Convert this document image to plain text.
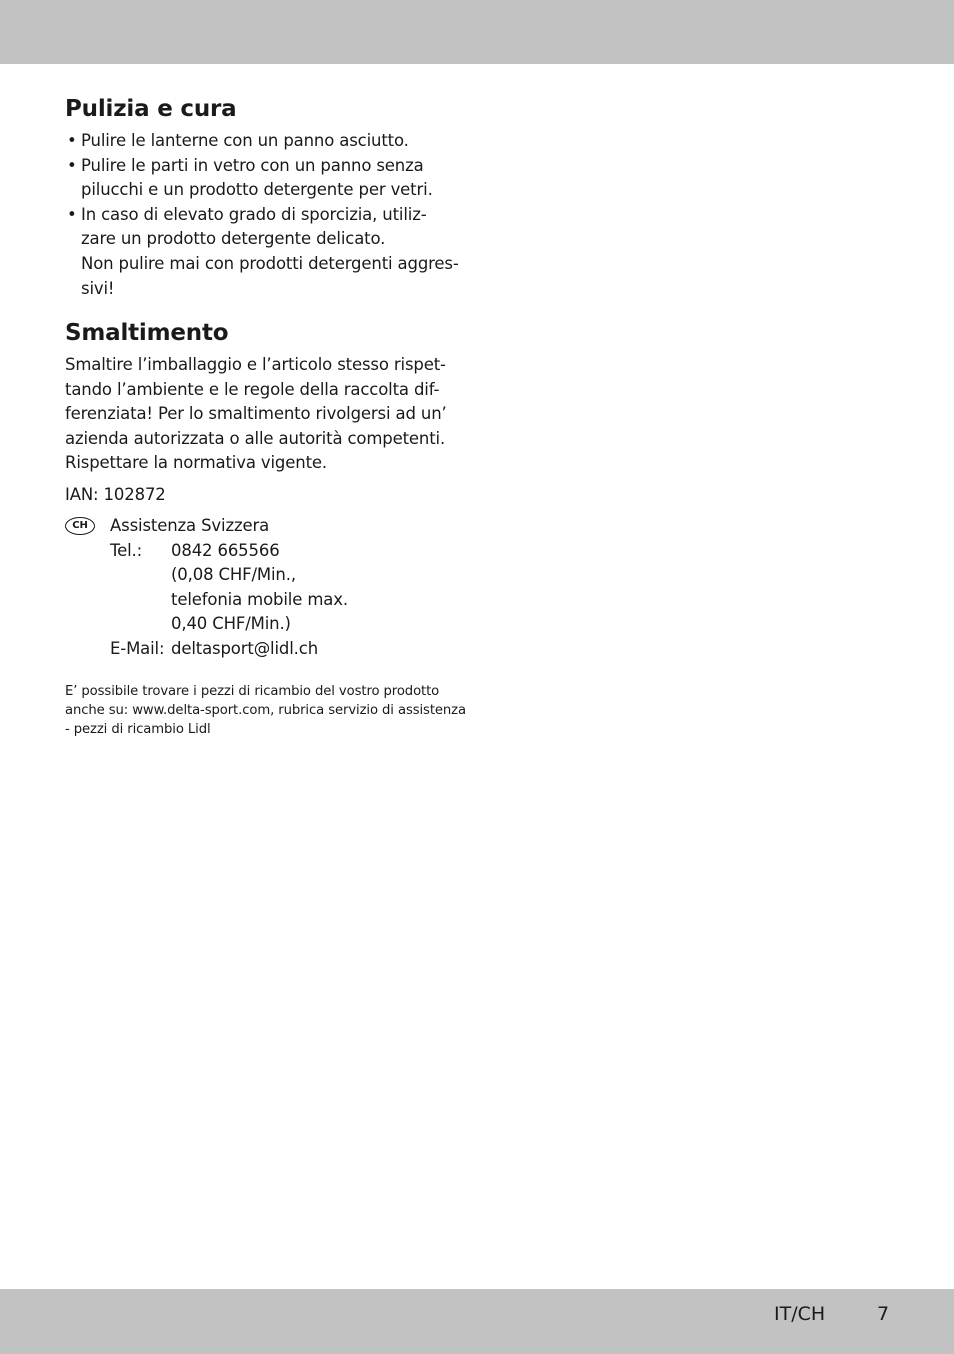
Pulizia e cura
• Pulire le lanterne con un panno asciutto.
• Pulire le parti in vetro con un panno senza
pilucchi e un prodotto detergente per vetri.
• In caso di elevato grado di sporcizia, utiliz-
zare un prodotto detergente delicato.
Non pulire mai con prodotti detergenti aggres-
sivi!
Smaltimento
Smaltire l’imballaggio e l’articolo stesso rispet-
tando l’ambiente e le regole della raccolta dif-
ferenziata! Per lo smaltimento rivolgersi ad un’
azienda autorizzata o alle autorità competenti.
Rispettare la normativa vigente.
IAN: 102872
CH	Assistenza Svizzera
Tel.: 0842 665566
(0,08 CHF/Min.,
telefonia mobile max.
0,40 CHF/Min.)
E-Mail: deltasport@lidl.ch
E’ possibile trovare i pezzi di ricambio del vostro prodotto
anche su: www.delta-sport.com, rubrica servizio di assistenza
- pezzi di ricambio Lidl
IT/CH	7
